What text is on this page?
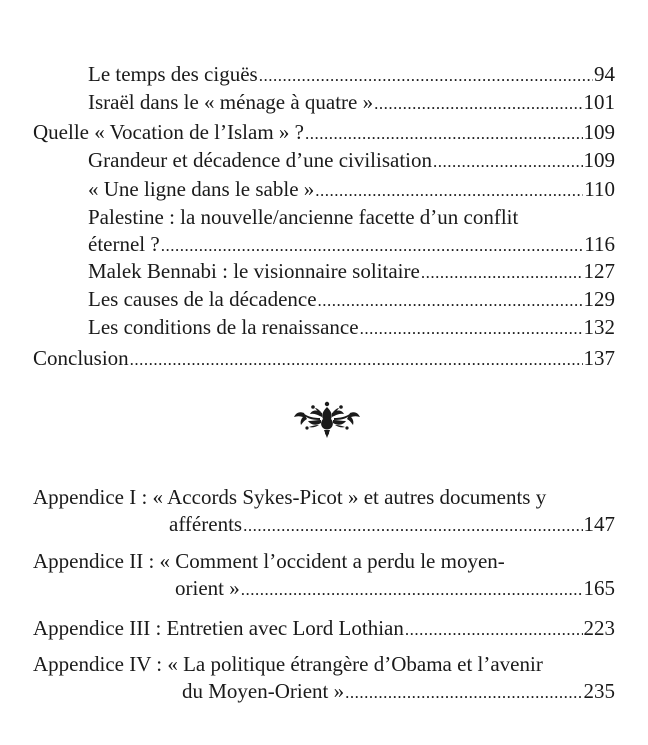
Le temps des ciguës .....	94
Israël dans le « ménage à quatre » .....	101
Quelle « Vocation de l’Islam » ? .....	109
Grandeur et décadence d’une civilisation .....	109
« Une ligne dans le sable » .....	110
Palestine : la nouvelle/ancienne facette d’un conflit
éternel ? .....	116
Malek Bennabi : le visionnaire solitaire .....	127
Les causes de la décadence .....	129
Les conditions de la renaissance .....	132
Conclusion .....	137
Appendice I : « Accords Sykes-Picot » et autres documents y
afférents .....	147
Appendice II : « Comment l’occident a perdu le moyen-
orient » .....	165
Appendice III : Entretien avec Lord Lothian .....	223
Appendice IV : « La politique étrangère d’Obama et l’avenir
du Moyen-Orient » .....	235
